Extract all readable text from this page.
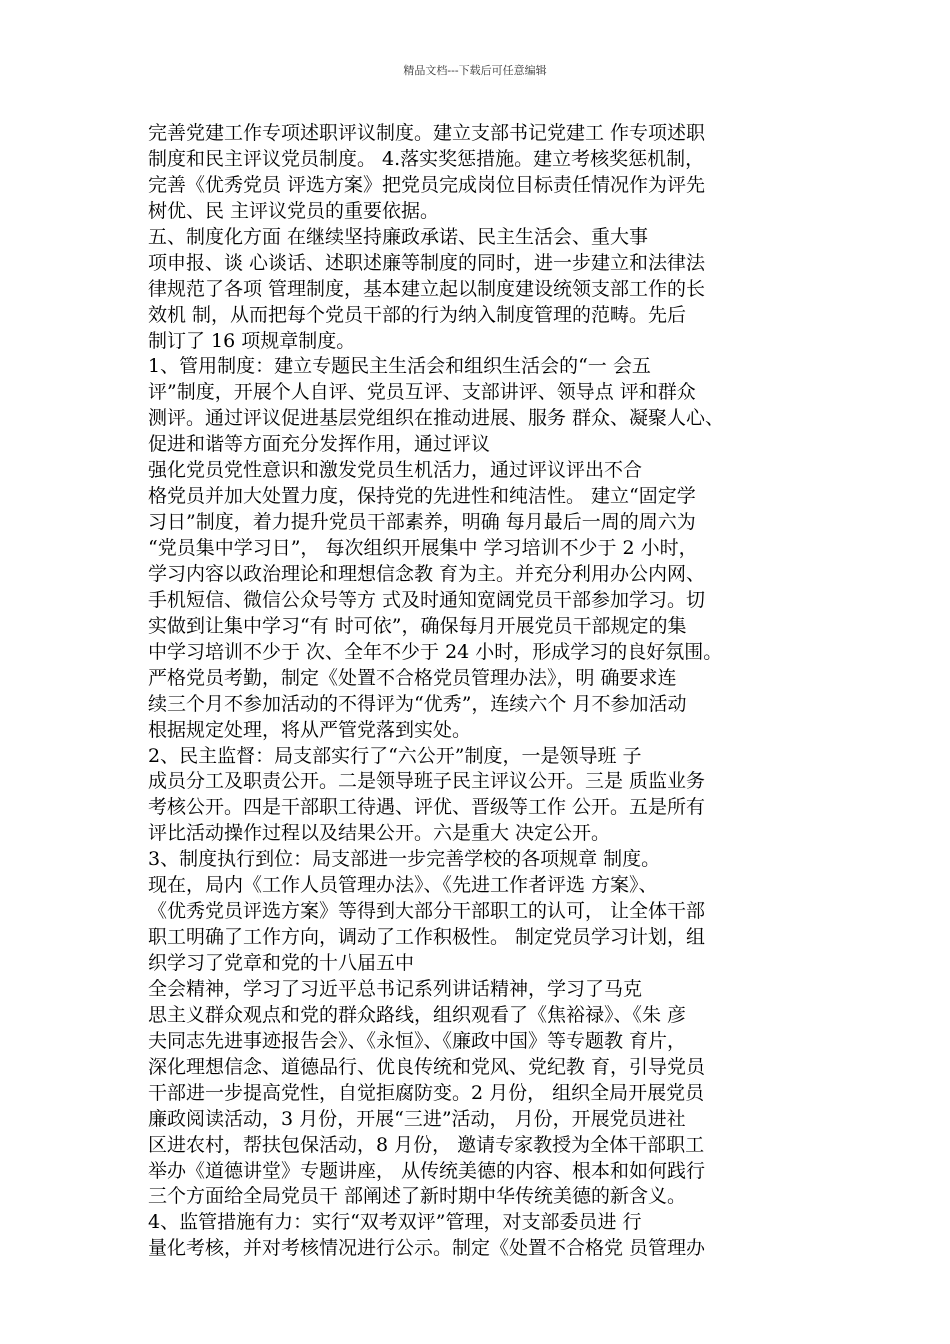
精品文档---下载后可任意编辑
完善党建工作专项述职评议制度。建立支部书记党建工 作专项述职
制度和民主评议党员制度。 4.落实奖惩措施。建立考核奖惩机制，
完善《优秀党员 评选方案》把党员完成岗位目标责任情况作为评先
树优、民 主评议党员的重要依据。
五、制度化方面 在继续坚持廉政承诺、民主生活会、重大事
项申报、谈 心谈话、述职述廉等制度的同时，进一步建立和法律法
律规范了各项 管理制度，基本建立起以制度建设统领支部工作的长
效机 制，从而把每个党员干部的行为纳入制度管理的范畴。先后
制订了 16 项规章制度。
1、管用制度：建立专题民主生活会和组织生活会的“一 会五
评”制度，开展个人自评、党员互评、支部讲评、领导点 评和群众
测评。通过评议促进基层党组织在推动进展、服务 群众、凝聚人心、
促进和谐等方面充分发挥作用，通过评议
强化党员党性意识和激发党员生机活力，通过评议评出不合
格党员并加大处置力度，保持党的先进性和纯洁性。 建立“固定学
习日”制度，着力提升党员干部素养，明确 每月最后一周的周六为
“党员集中学习日”， 每次组织开展集中 学习培训不少于 2 小时，
学习内容以政治理论和理想信念教 育为主。并充分利用办公内网、
手机短信、微信公众号等方 式及时通知宽阔党员干部参加学习。切
实做到让集中学习“有 时可依”，确保每月开展党员干部规定的集
中学习培训不少于 次、全年不少于 24 小时，形成学习的良好氛围。
严格党员考勤，制定《处置不合格党员管理办法》，明 确要求连
续三个月不参加活动的不得评为“优秀”，连续六个 月不参加活动
根据规定处理，将从严管党落到实处。
2、民主监督：局支部实行了“六公开”制度，一是领导班 子
成员分工及职责公开。二是领导班子民主评议公开。三是 质监业务
考核公开。四是干部职工待遇、评优、晋级等工作 公开。五是所有
评比活动操作过程以及结果公开。六是重大 决定公开。
3、制度执行到位：局支部进一步完善学校的各项规章 制度。
现在，局内《工作人员管理办法》、《先进工作者评选 方案》、
《优秀党员评选方案》等得到大部分干部职工的认可， 让全体干部
职工明确了工作方向，调动了工作积极性。 制定党员学习计划，组
织学习了党章和党的十八届五中
全会精神，学习了习近平总书记系列讲话精神，学习了马克
思主义群众观点和党的群众路线，组织观看了《焦裕禄》、《朱 彦
夫同志先进事迹报告会》、《永恒》、《廉政中国》等专题教 育片，
深化理想信念、道德品行、优良传统和党风、党纪教 育，引导党员
干部进一步提高党性，自觉拒腐防变。2 月份， 组织全局开展党员
廉政阅读活动，3 月份，开展“三进”活动， 月份，开展党员进社
区进农村，帮扶包保活动，8 月份， 邀请专家教授为全体干部职工
举办《道德讲堂》专题讲座， 从传统美德的内容、根本和如何践行
三个方面给全局党员干 部阐述了新时期中华传统美德的新含义。
4、监管措施有力：实行“双考双评”管理，对支部委员进 行
量化考核，并对考核情况进行公示。制定《处置不合格党 员管理办
